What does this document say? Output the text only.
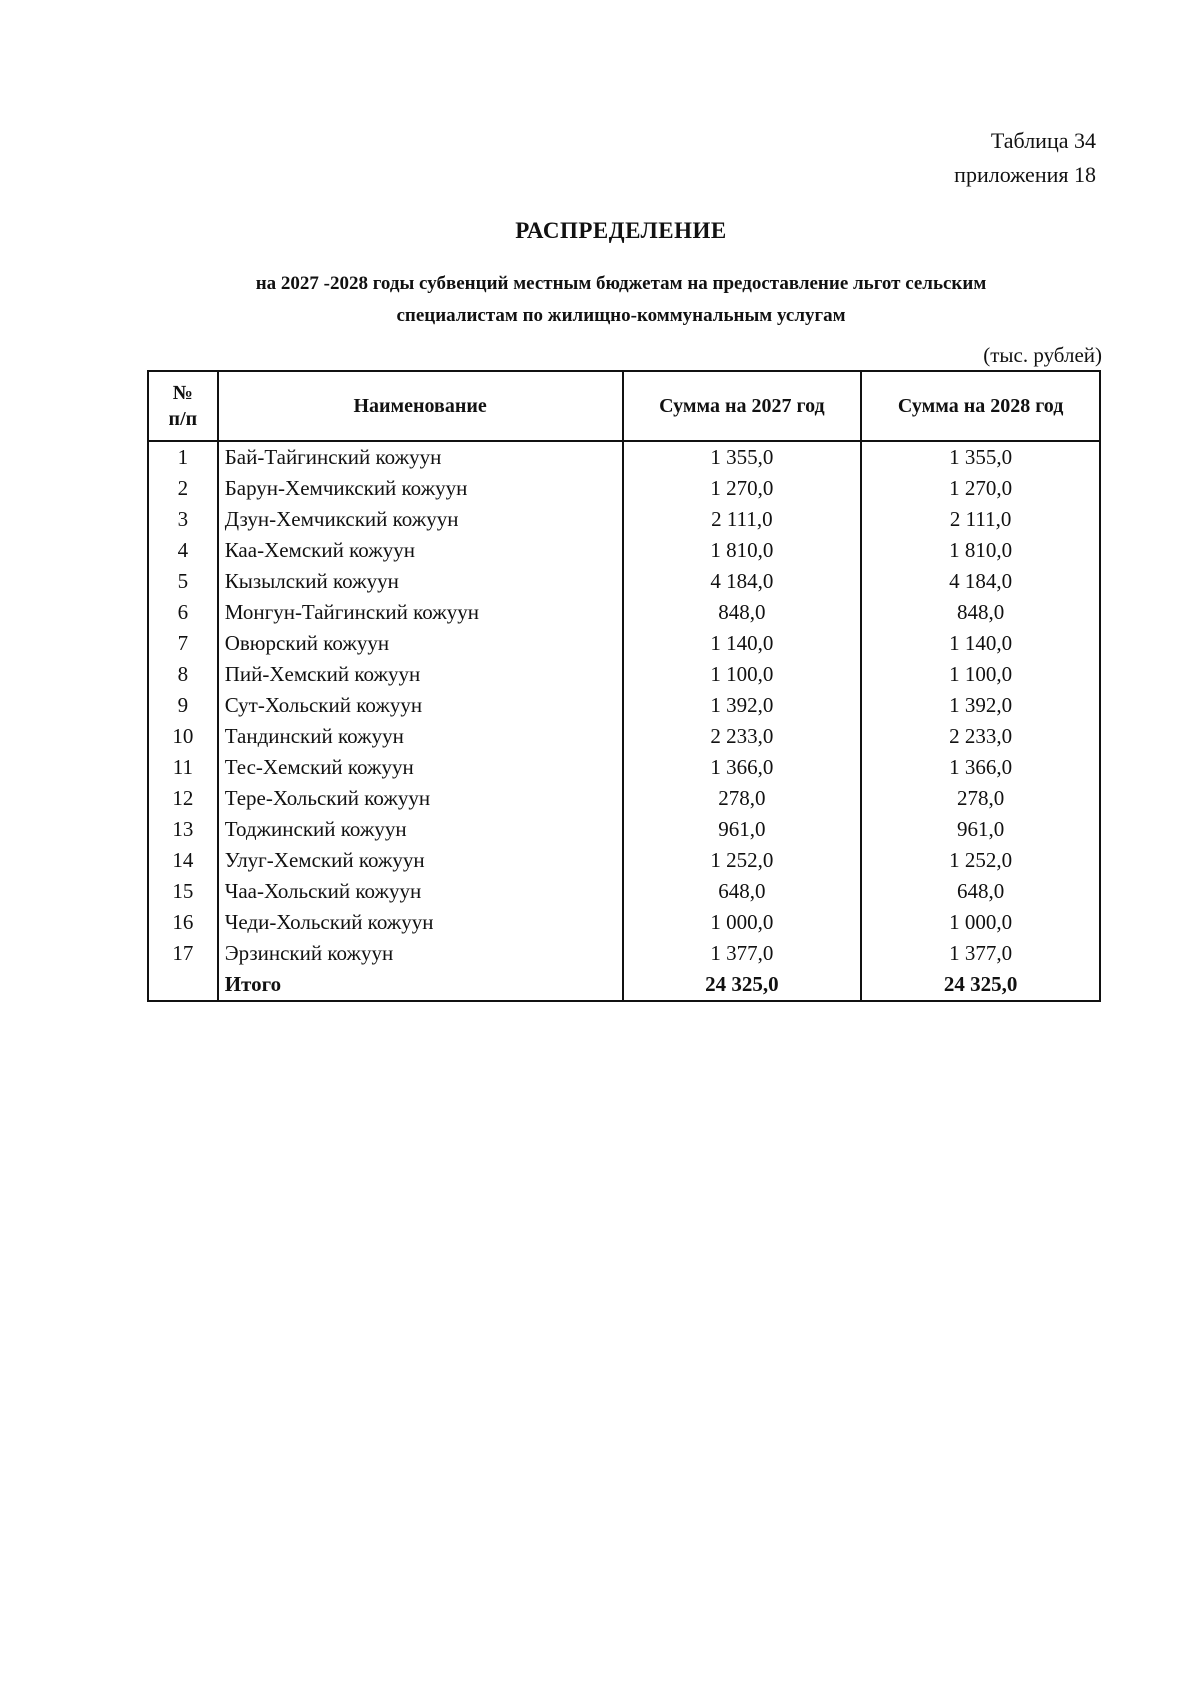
Таблица 34
приложения 18
РАСПРЕДЕЛЕНИЕ
на 2027 -2028 годы субвенций местным бюджетам на предоставление льгот сельским
специалистам по жилищно-коммунальным услугам
(тыс. рублей)
№
п/п	Наименование	Сумма на 2027 год	Сумма на 2028 год
1	Бай-Тайгинский кожуун	1 355,0	1 355,0
2	Барун-Хемчикский кожуун	1 270,0	1 270,0
3	Дзун-Хемчикский кожуун	2 111,0	2 111,0
4	Каа-Хемский кожуун	1 810,0	1 810,0
5	Кызылский кожуун	4 184,0	4 184,0
6	Монгун-Тайгинский кожуун	848,0	848,0
7	Овюрский кожуун	1 140,0	1 140,0
8	Пий-Хемский кожуун	1 100,0	1 100,0
9	Сут-Хольский кожуун	1 392,0	1 392,0
10	Тандинский кожуун	2 233,0	2 233,0
11	Тес-Хемский кожуун	1 366,0	1 366,0
12	Тере-Хольский кожуун	278,0	278,0
13	Тоджинский кожуун	961,0	961,0
14	Улуг-Хемский кожуун	1 252,0	1 252,0
15	Чаа-Хольский кожуун	648,0	648,0
16	Чеди-Хольский кожуун	1 000,0	1 000,0
17	Эрзинский кожуун	1 377,0	1 377,0
	Итого	24 325,0	24 325,0
